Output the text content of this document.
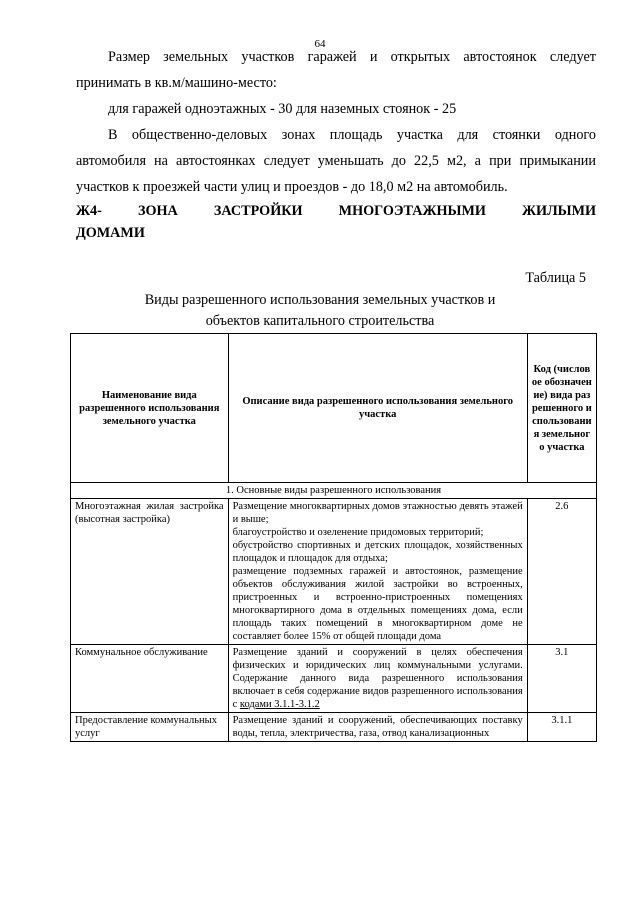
64

Размер земельных участков гаражей и открытых автостоянок следует

принимать в кв.м/машино-место:

для гаражей одноэтажных - 30 для наземных стоянок - 25

В общественно-деловых зонах площадь участка для стоянки одного

автомобиля на автостоянках следует уменьшать до 22,5 м2, а при примыкании

участков к проезжей части улиц и проездов - до 18,0 м2 на автомобиль.

Ж4- ЗОНА ЗАСТРОЙКИ МНОГОЭТАЖНЫМИ ЖИЛЫМИ

ДОМАМИ

Таблица 5
Виды разрешенного использования земельных участков и
объектов капитального строительства
Наименование вида разрешенного использования земельного участка	Описание вида разрешенного использования земельного участка	Код (числовое обозначение) вида разрешенного использования земельного участка
1. Основные виды разрешенного использования		
Многоэтажная жилая застройка (высотная застройка)	Размещение многоквартирных домов этажностью девять этажей и выше;
благоустройство и озеленение придомовых территорий;
обустройство спортивных и детских площадок, хозяйственных площадок и площадок для отдыха;
размещение подземных гаражей и автостоянок, размещение объектов обслуживания жилой застройки во встроенных, пристроенных и встроенно-пристроенных помещениях многоквартирного дома в отдельных помещениях дома, если площадь таких помещений в многоквартирном доме не составляет более 15% от общей площади дома	2.6
Коммунальное обслуживание	Размещение зданий и сооружений в целях обеспечения физических и юридических лиц коммунальными услугами. Содержание данного вида разрешенного использования включает в себя содержание видов разрешенного использования с кодами 3.1.1-3.1.2	3.1
Предоставление коммунальных услуг	Размещение зданий и сооружений, обеспечивающих поставку воды, тепла, электричества, газа, отвод канализационных	3.1.1
